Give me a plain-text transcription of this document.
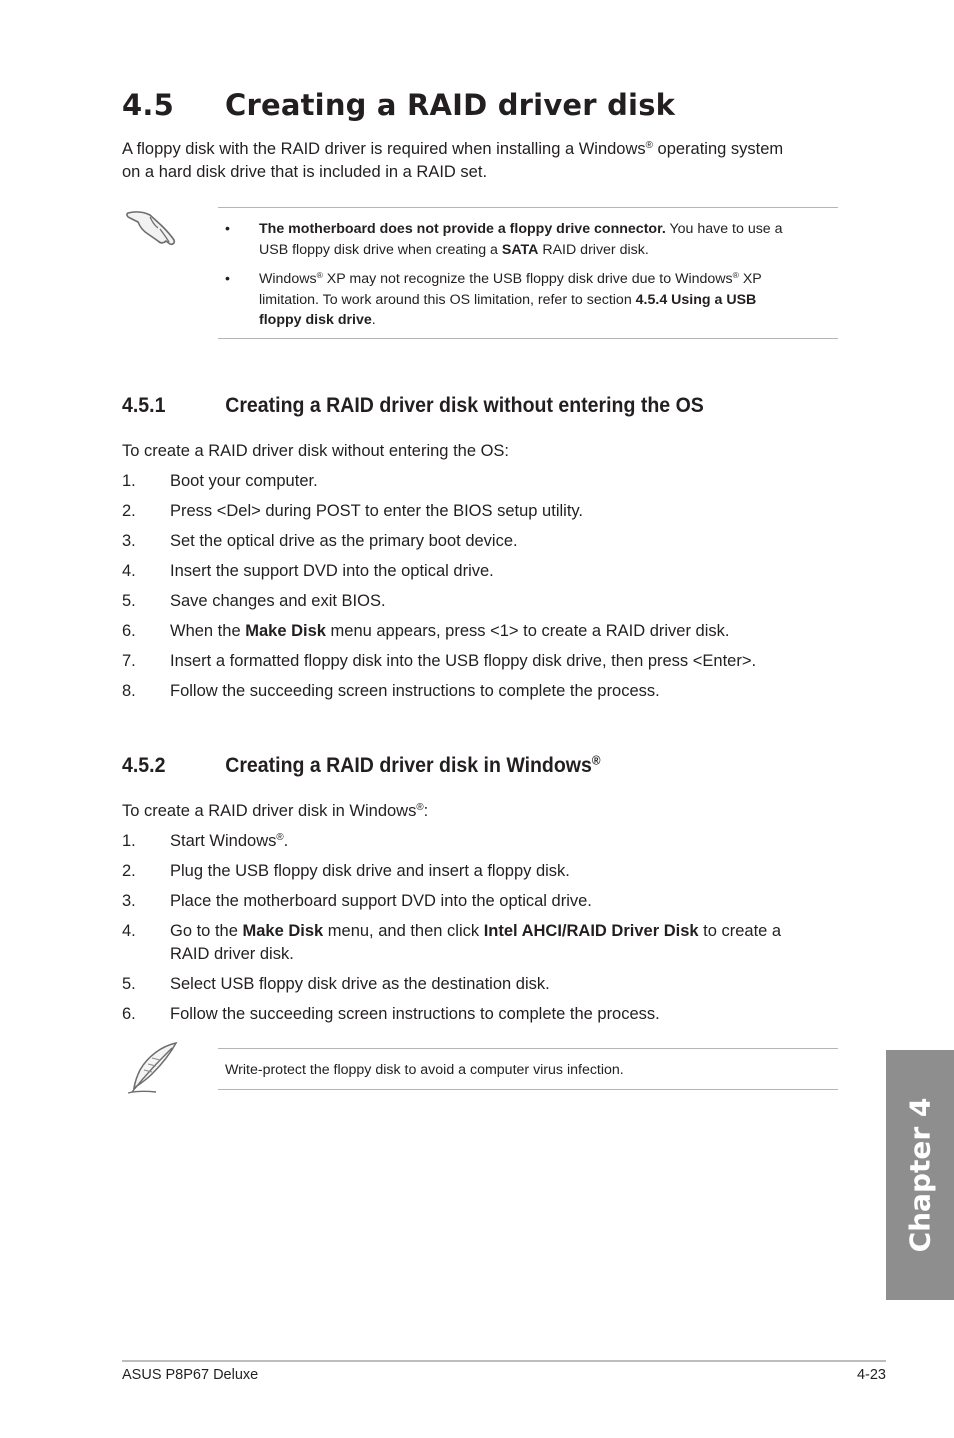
4.5 Creating a RAID driver disk
A floppy disk with the RAID driver is required when installing a Windows® operating system
on a hard disk drive that is included in a RAID set.
• The motherboard does not provide a floppy drive connector. You have to use a
USB floppy disk drive when creating a SATA RAID driver disk.
• Windows® XP may not recognize the USB floppy disk drive due to Windows® XP
limitation. To work around this OS limitation, refer to section 4.5.4 Using a USB
floppy disk drive.
4.5.1	Creating a RAID driver disk without entering the OS
To create a RAID driver disk without entering the OS:
1. Boot your computer.
2. Press <Del> during POST to enter the BIOS setup utility.
3. Set the optical drive as the primary boot device.
4. Insert the support DVD into the optical drive.
5. Save changes and exit BIOS.
6. When the Make Disk menu appears, press <1> to create a RAID driver disk.
7. Insert a formatted floppy disk into the USB floppy disk drive, then press <Enter>.
8. Follow the succeeding screen instructions to complete the process.
4.5.2	Creating a RAID driver disk in Windows®
To create a RAID driver disk in Windows®:
1. Start Windows®.
2. Plug the USB floppy disk drive and insert a floppy disk.
3. Place the motherboard support DVD into the optical drive.
4. Go to the Make Disk menu, and then click Intel AHCI/RAID Driver Disk to create a
RAID driver disk.
5. Select USB floppy disk drive as the destination disk.
6. Follow the succeeding screen instructions to complete the process.
Write-protect the floppy disk to avoid a computer virus infection.
Chapter 4
ASUS P8P67 Deluxe	4-23
